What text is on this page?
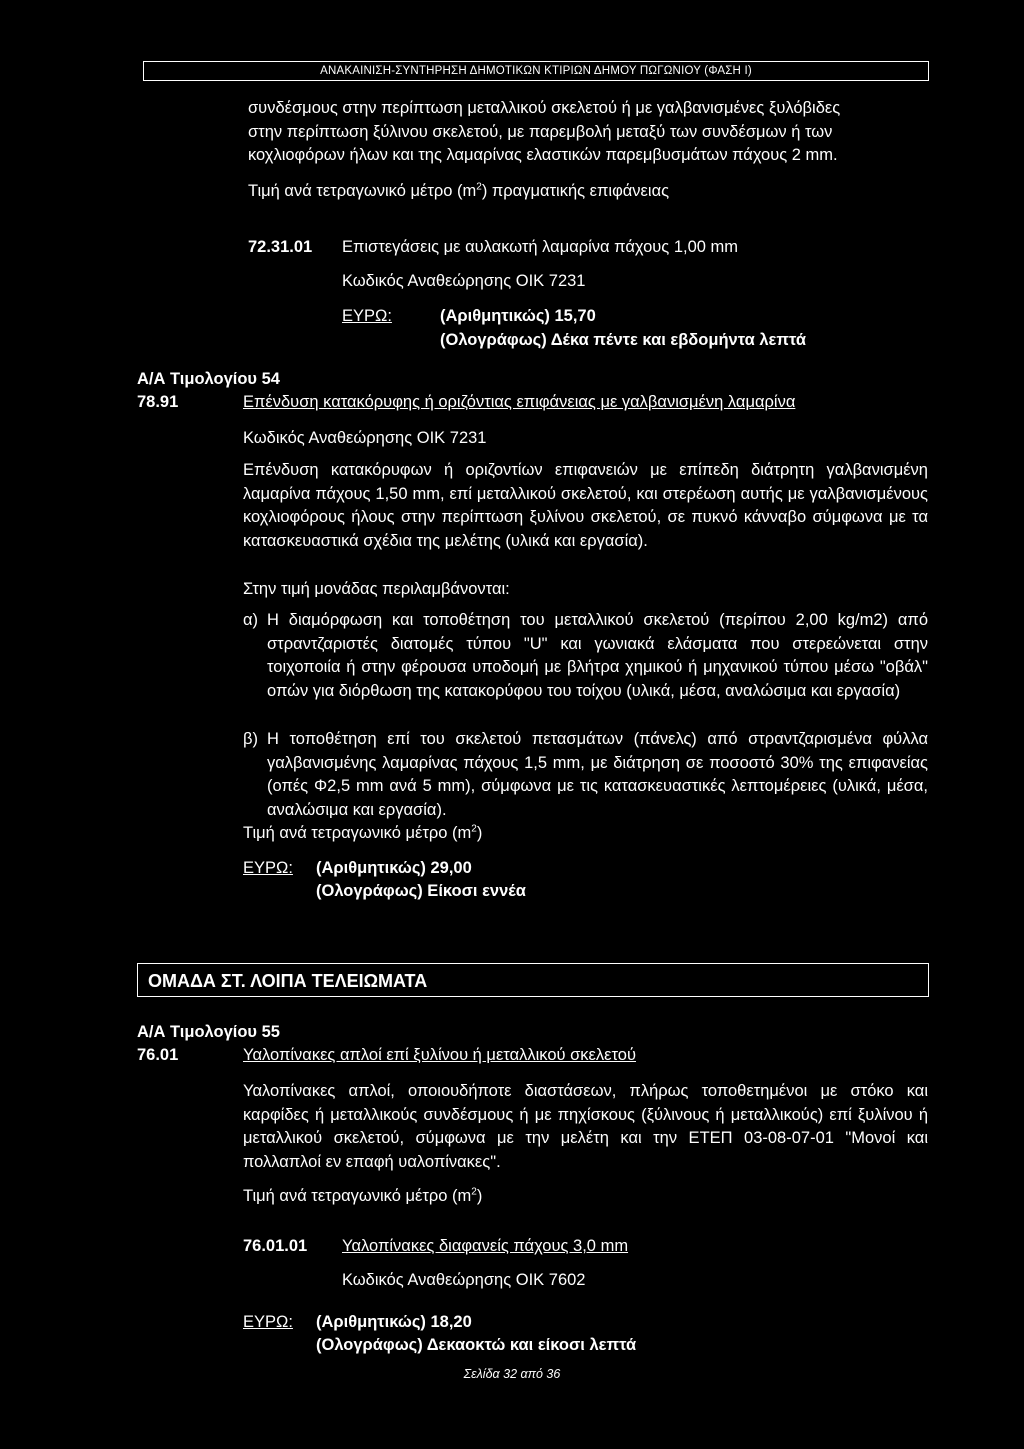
ΑΝΑΚΑΙΝΙΣΗ-ΣΥΝΤΗΡΗΣΗ ΔΗΜΟΤΙΚΩΝ ΚΤΙΡΙΩΝ ΔΗΜΟΥ ΠΩΓΩΝΙΟΥ (ΦΑΣΗ Ι)
συνδέσμους στην περίπτωση μεταλλικού σκελετού ή με γαλβανισμένες ξυλόβιδες
στην περίπτωση ξύλινου σκελετού, με παρεμβολή μεταξύ των συνδέσμων ή των
κοχλιοφόρων ήλων και της λαμαρίνας ελαστικών παρεμβυσμάτων πάχους 2 mm.
Τιμή ανά τετραγωνικό μέτρο $(m^2)$ πραγματικής επιφάνειας
72.31.01 Επιστεγάσεις με αυλακωτή λαμαρίνα πάχους 1,00 mm
Κωδικός Αναθεώρησης ΟΙΚ 7231
ΕΥΡΩ:	(Αριθμητικώς) 15,70
(Ολογράφως) Δέκα πέντε και εβδομήντα λεπτά
Α/Α Τιμολογίου 54
78.91	Επένδυση κατακόρυφης ή οριζόντιας επιφάνειας με γαλβανισμένη λαμαρίνα
Κωδικός Αναθεώρησης ΟΙΚ 7231
Επένδυση κατακόρυφων ή οριζοντίων επιφανειών με επίπεδη διάτρητη γαλβανισμένη λαμαρίνα πάχους 1,50 mm, επί μεταλλικού σκελετού, και στερέωση αυτής με γαλβανισμένους κοχλιοφόρους ήλους στην περίπτωση ξυλίνου σκελετού, σε πυκνό κάνναβο σύμφωνα με τα κατασκευαστικά σχέδια της μελέτης (υλικά και εργασία).
Στην τιμή μονάδας περιλαμβάνονται:
α) Η διαμόρφωση και τοποθέτηση του μεταλλικού σκελετού (περίπου 2,00 kg/m2) από στραντζαριστές διατομές τύπου "U" και γωνιακά ελάσματα που στερεώνεται στην τοιχοποιία ή στην φέρουσα υποδομή με βλήτρα χημικού ή μηχανικού τύπου μέσω "οβάλ" οπών για διόρθωση της κατακορύφου του τοίχου (υλικά, μέσα, αναλώσιμα και εργασία)
β) Η τοποθέτηση επί του σκελετού πετασμάτων (πάνελς) από στραντζαρισμένα φύλλα γαλβανισμένης λαμαρίνας πάχους 1,5 mm, με διάτρηση σε ποσοστό 30% της επιφανείας (οπές Φ2,5 mm ανά 5 mm), σύμφωνα με τις κατασκευαστικές λεπτομέρειες (υλικά, μέσα, αναλώσιμα και εργασία).
Τιμή ανά τετραγωνικό μέτρο $(m^2)$
ΕΥΡΩ: (Αριθμητικώς) 29,00
(Ολογράφως) Είκοσι εννέα
ΟΜΑΔΑ ΣΤ. ΛΟΙΠΑ ΤΕΛΕΙΩΜΑΤΑ
Α/Α Τιμολογίου 55
76.01	Υαλοπίνακες απλοί επί ξυλίνου ή μεταλλικού σκελετού
Υαλοπίνακες απλοί, οποιουδήποτε διαστάσεων, πλήρως τοποθετημένοι με στόκο και καρφίδες ή μεταλλικούς συνδέσμους ή με πηχίσκους (ξύλινους ή μεταλλικούς) επί ξυλίνου ή μεταλλικού σκελετού, σύμφωνα με την μελέτη και την ΕΤΕΠ 03-08-07-01 "Μονοί και πολλαπλοί εν επαφή υαλοπίνακες".
Τιμή ανά τετραγωνικό μέτρο $(m^2)$
76.01.01 Υαλοπίνακες διαφανείς πάχους 3,0 mm
Κωδικός Αναθεώρησης ΟΙΚ 7602
ΕΥΡΩ: (Αριθμητικώς) 18,20
(Ολογράφως) Δεκαοκτώ και είκοσι λεπτά
Σελίδα 32 από 36
